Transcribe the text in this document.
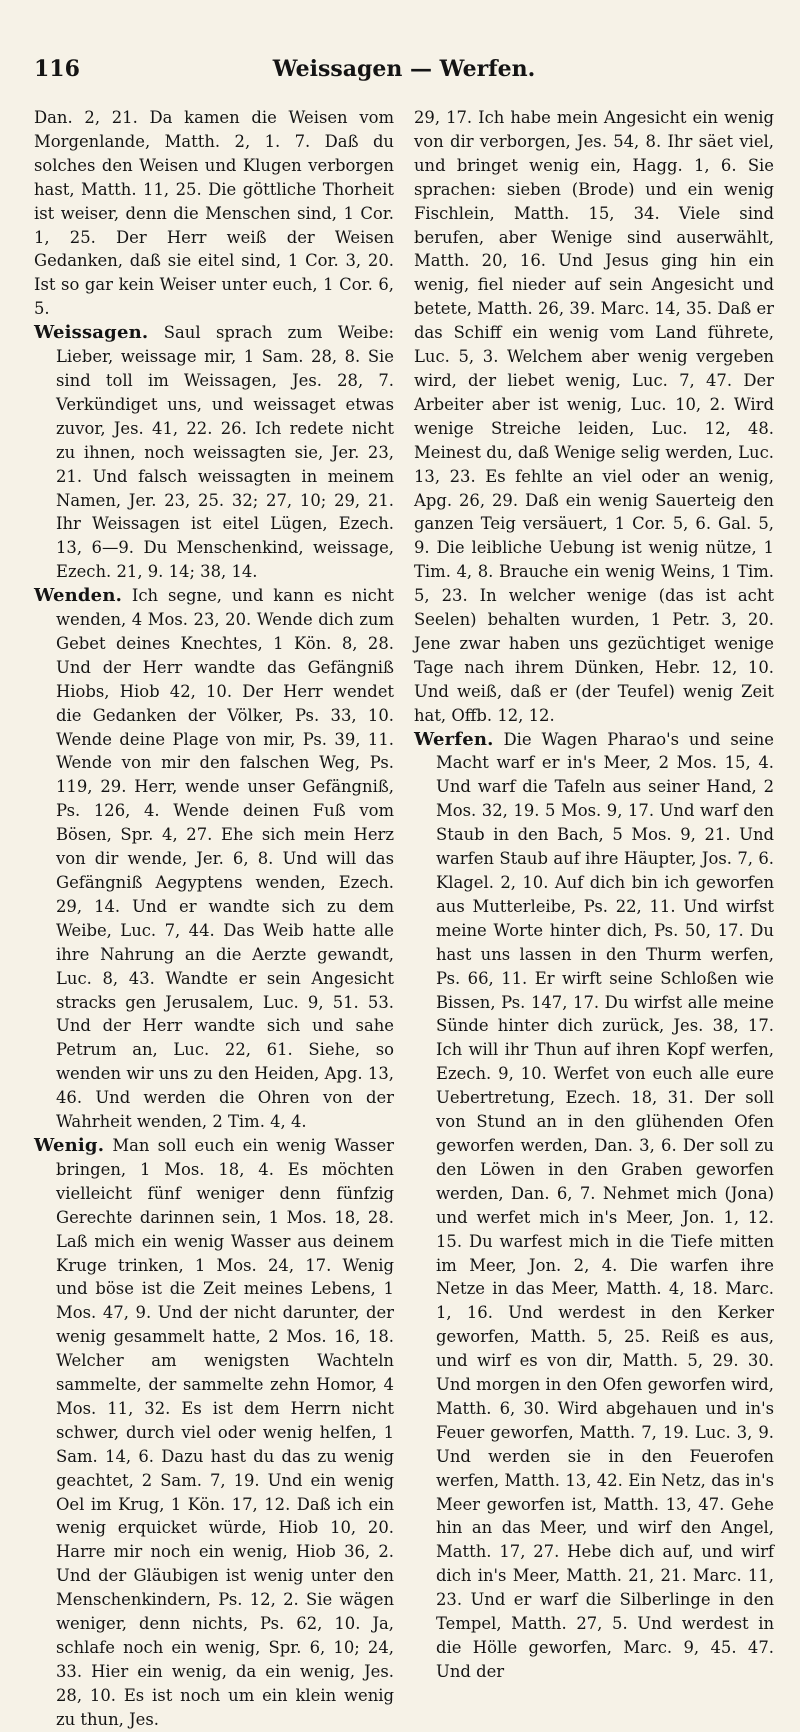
116	Weissagen — Werfen.

Dan. 2, 21. Da kamen die Weisen vom Morgenlande, Matth. 2, 1. 7. Daß du solches den Weisen und Klugen verborgen hast, Matth. 11, 25. Die göttliche Thorheit ist weiser, denn die Menschen sind, 1 Cor. 1, 25. Der Herr weiß der Weisen Gedanken, daß sie eitel sind, 1 Cor. 3, 20. Ist so gar kein Weiser unter euch, 1 Cor. 6, 5.

Weissagen. Saul sprach zum Weibe: Lieber, weissage mir, 1 Sam. 28, 8. Sie sind toll im Weissagen, Jes. 28, 7. Verkündiget uns, und weissaget etwas zuvor, Jes. 41, 22. 26. Ich redete nicht zu ihnen, noch weissagten sie, Jer. 23, 21. Und falsch weissagten in meinem Namen, Jer. 23, 25. 32; 27, 10; 29, 21. Ihr Weissagen ist eitel Lügen, Ezech. 13, 6—9. Du Menschenkind, weissage, Ezech. 21, 9. 14; 38, 14.

Wenden. Ich segne, und kann es nicht wenden, 4 Mos. 23, 20. Wende dich zum Gebet deines Knechtes, 1 Kön. 8, 28. Und der Herr wandte das Gefängniß Hiobs, Hiob 42, 10. Der Herr wendet die Gedanken der Völker, Ps. 33, 10. Wende deine Plage von mir, Ps. 39, 11. Wende von mir den falschen Weg, Ps. 119, 29. Herr, wende unser Gefängniß, Ps. 126, 4. Wende deinen Fuß vom Bösen, Spr. 4, 27. Ehe sich mein Herz von dir wende, Jer. 6, 8. Und will das Gefängniß Aegyptens wenden, Ezech. 29, 14. Und er wandte sich zu dem Weibe, Luc. 7, 44. Das Weib hatte alle ihre Nahrung an die Aerzte gewandt, Luc. 8, 43. Wandte er sein Angesicht stracks gen Jerusalem, Luc. 9, 51. 53. Und der Herr wandte sich und sahe Petrum an, Luc. 22, 61. Siehe, so wenden wir uns zu den Heiden, Apg. 13, 46. Und werden die Ohren von der Wahrheit wenden, 2 Tim. 4, 4.

Wenig. Man soll euch ein wenig Wasser bringen, 1 Mos. 18, 4. Es möchten vielleicht fünf weniger denn fünfzig Gerechte darinnen sein, 1 Mos. 18, 28. Laß mich ein wenig Wasser aus deinem Kruge trinken, 1 Mos. 24, 17. Wenig und böse ist die Zeit meines Lebens, 1 Mos. 47, 9. Und der nicht darunter, der wenig gesammelt hatte, 2 Mos. 16, 18. Welcher am wenigsten Wachteln sammelte, der sammelte zehn Homor, 4 Mos. 11, 32. Es ist dem Herrn nicht schwer, durch viel oder wenig helfen, 1 Sam. 14, 6. Dazu hast du das zu wenig geachtet, 2 Sam. 7, 19. Und ein wenig Oel im Krug, 1 Kön. 17, 12. Daß ich ein wenig erquicket würde, Hiob 10, 20. Harre mir noch ein wenig, Hiob 36, 2. Und der Gläubigen ist wenig unter den Menschenkindern, Ps. 12, 2. Sie wägen weniger, denn nichts, Ps. 62, 10. Ja, schlafe noch ein wenig, Spr. 6, 10; 24, 33. Hier ein wenig, da ein wenig, Jes. 28, 10. Es ist noch um ein klein wenig zu thun, Jes.

29, 17. Ich habe mein Angesicht ein wenig von dir verborgen, Jes. 54, 8. Ihr säet viel, und bringet wenig ein, Hagg. 1, 6. Sie sprachen: sieben (Brode) und ein wenig Fischlein, Matth. 15, 34. Viele sind berufen, aber Wenige sind auserwählt, Matth. 20, 16. Und Jesus ging hin ein wenig, fiel nieder auf sein Angesicht und betete, Matth. 26, 39. Marc. 14, 35. Daß er das Schiff ein wenig vom Land führete, Luc. 5, 3. Welchem aber wenig vergeben wird, der liebet wenig, Luc. 7, 47. Der Arbeiter aber ist wenig, Luc. 10, 2. Wird wenige Streiche leiden, Luc. 12, 48. Meinest du, daß Wenige selig werden, Luc. 13, 23. Es fehlte an viel oder an wenig, Apg. 26, 29. Daß ein wenig Sauerteig den ganzen Teig versäuert, 1 Cor. 5, 6. Gal. 5, 9. Die leibliche Uebung ist wenig nütze, 1 Tim. 4, 8. Brauche ein wenig Weins, 1 Tim. 5, 23. In welcher wenige (das ist acht Seelen) behalten wurden, 1 Petr. 3, 20. Jene zwar haben uns gezüchtiget wenige Tage nach ihrem Dünken, Hebr. 12, 10. Und weiß, daß er (der Teufel) wenig Zeit hat, Offb. 12, 12.

Werfen. Die Wagen Pharao's und seine Macht warf er in's Meer, 2 Mos. 15, 4. Und warf die Tafeln aus seiner Hand, 2 Mos. 32, 19. 5 Mos. 9, 17. Und warf den Staub in den Bach, 5 Mos. 9, 21. Und warfen Staub auf ihre Häupter, Jos. 7, 6. Klagel. 2, 10. Auf dich bin ich geworfen aus Mutterleibe, Ps. 22, 11. Und wirfst meine Worte hinter dich, Ps. 50, 17. Du hast uns lassen in den Thurm werfen, Ps. 66, 11. Er wirft seine Schloßen wie Bissen, Ps. 147, 17. Du wirfst alle meine Sünde hinter dich zurück, Jes. 38, 17. Ich will ihr Thun auf ihren Kopf werfen, Ezech. 9, 10. Werfet von euch alle eure Uebertretung, Ezech. 18, 31. Der soll von Stund an in den glühenden Ofen geworfen werden, Dan. 3, 6. Der soll zu den Löwen in den Graben geworfen werden, Dan. 6, 7. Nehmet mich (Jona) und werfet mich in's Meer, Jon. 1, 12. 15. Du warfest mich in die Tiefe mitten im Meer, Jon. 2, 4. Die warfen ihre Netze in das Meer, Matth. 4, 18. Marc. 1, 16. Und werdest in den Kerker geworfen, Matth. 5, 25. Reiß es aus, und wirf es von dir, Matth. 5, 29. 30. Und morgen in den Ofen geworfen wird, Matth. 6, 30. Wird abgehauen und in's Feuer geworfen, Matth. 7, 19. Luc. 3, 9. Und werden sie in den Feuerofen werfen, Matth. 13, 42. Ein Netz, das in's Meer geworfen ist, Matth. 13, 47. Gehe hin an das Meer, und wirf den Angel, Matth. 17, 27. Hebe dich auf, und wirf dich in's Meer, Matth. 21, 21. Marc. 11, 23. Und er warf die Silberlinge in den Tempel, Matth. 27, 5. Und werdest in die Hölle geworfen, Marc. 9, 45. 47. Und der
